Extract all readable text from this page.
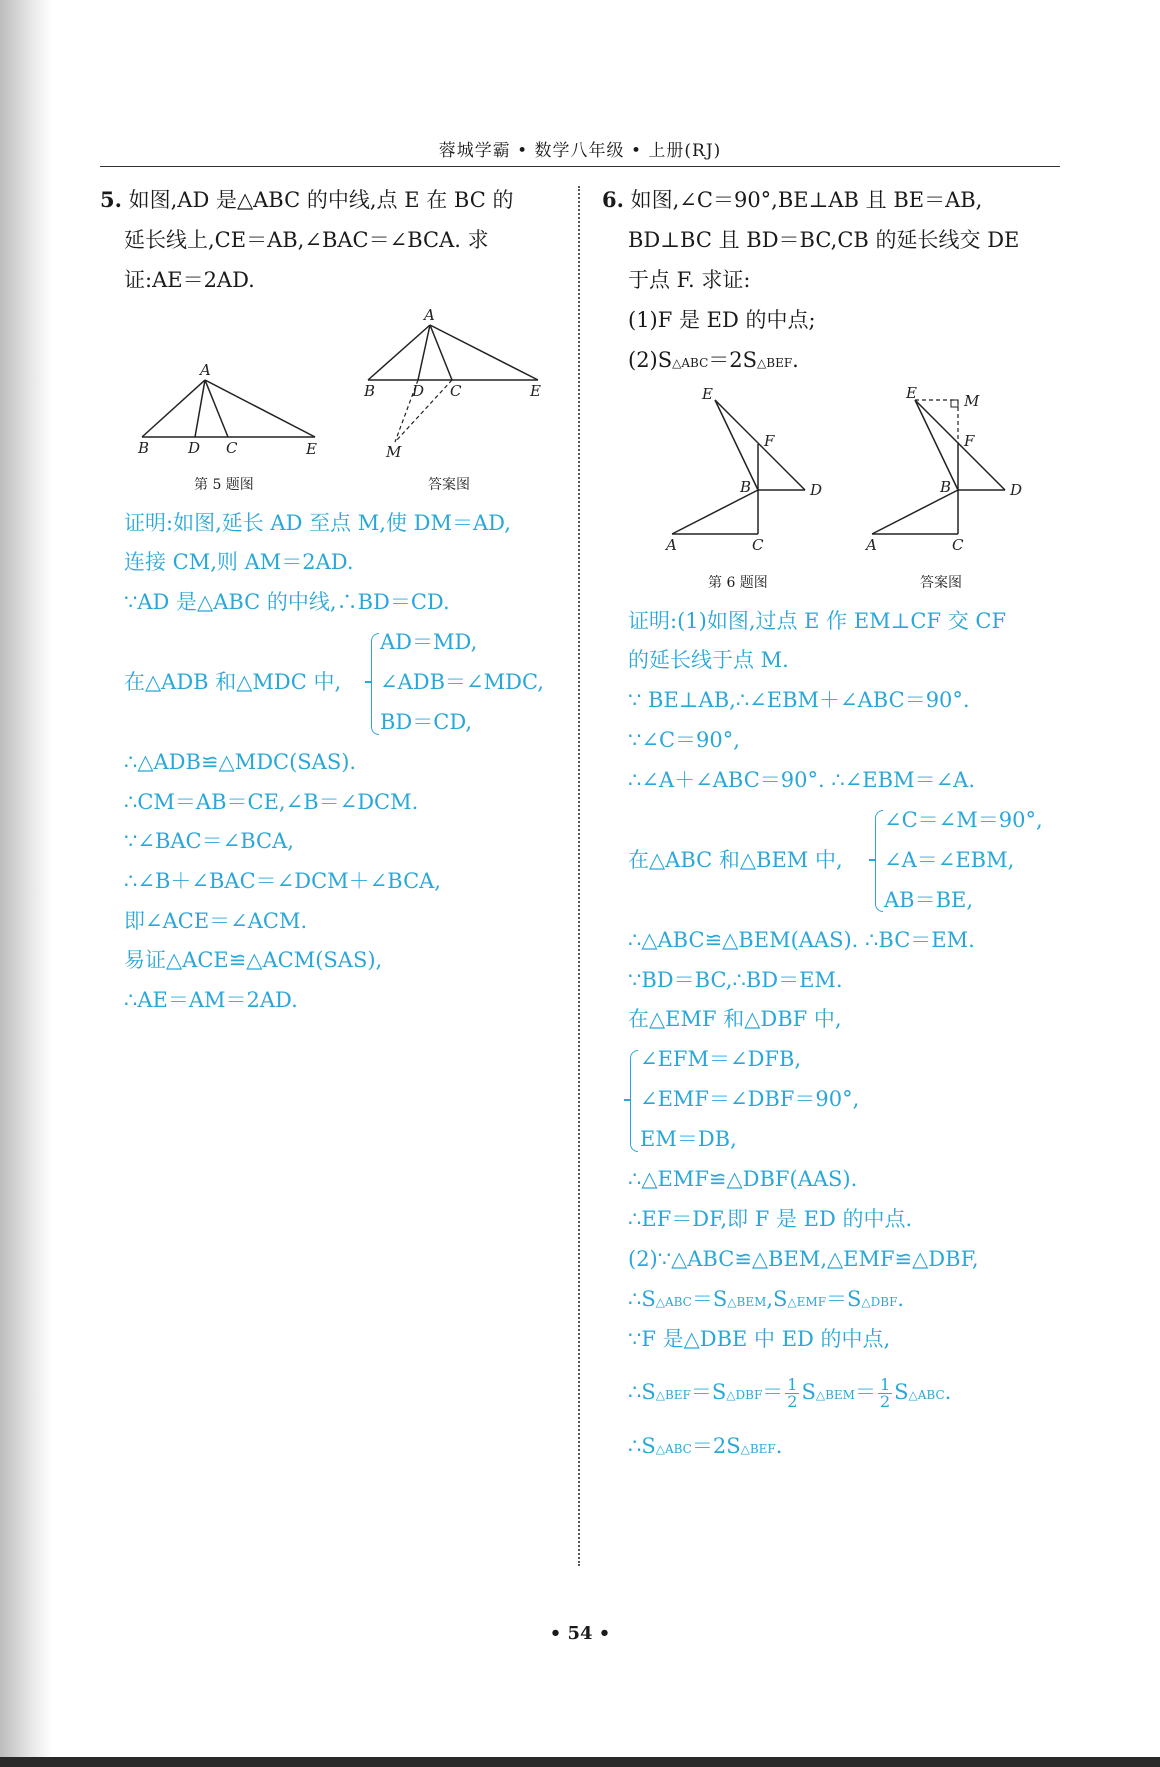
蓉城学霸 • 数学八年级 • 上册(RJ)
5. 如图,AD 是△ABC 的中线,点 E 在 BC 的
延长线上,CE＝AB,∠BAC＝∠BCA. 求
证:AE＝2AD.
A
B	D C	E
第 5 题图
A
B D C	E
M
答案图
证明:如图,延长 AD 至点 M,使 DM＝AD,
连接 CM,则 AM＝2AD.
∵AD 是△ABC 的中线,∴BD＝CD.
在△ADB 和△MDC 中,
AD＝MD,
∠ADB＝∠MDC,
BD＝CD,
∴△ADB≌△MDC(SAS).
∴CM＝AB＝CE,∠B＝∠DCM.
∵∠BAC＝∠BCA,
∴∠B＋∠BAC＝∠DCM＋∠BCA,
即∠ACE＝∠ACM.
易证△ACE≌△ACM(SAS),
∴AE＝AM＝2AD.
6. 如图,∠C＝90°,BE⊥AB 且 BE＝AB,
BD⊥BC 且 BD＝BC,CB 的延长线交 DE
于点 F. 求证:
(1)F 是 ED 的中点;
(2)S△ABC＝2S△BEF.
E
F
B	D
A	C
第 6 题图
E	M
F
B	D
A	C
答案图
证明:(1)如图,过点 E 作 EM⊥CF 交 CF
的延长线于点 M.
∵ BE⊥AB,∴∠EBM＋∠ABC＝90°.
∵∠C＝90°,
∴∠A＋∠ABC＝90°. ∴∠EBM＝∠A.
在△ABC 和△BEM 中,
∠C＝∠M＝90°,
∠A＝∠EBM,
AB＝BE,
∴△ABC≌△BEM(AAS). ∴BC＝EM.
∵BD＝BC,∴BD＝EM.
在△EMF 和△DBF 中,
∠EFM＝∠DFB,
∠EMF＝∠DBF＝90°,
EM＝DB,
∴△EMF≌△DBF(AAS).
∴EF＝DF,即 F 是 ED 的中点.
(2)∵△ABC≌△BEM,△EMF≌△DBF,
∴S△ABC＝S△BEM,S△EMF＝S△DBF.
∵F 是△DBE 中 ED 的中点,
∴S△BEF＝S△DBF＝ $\frac{1}{2}$ S△BEM＝ $\frac{1}{2}$ S△ABC.
∴S△ABC＝2S△BEF.
• 54 •
